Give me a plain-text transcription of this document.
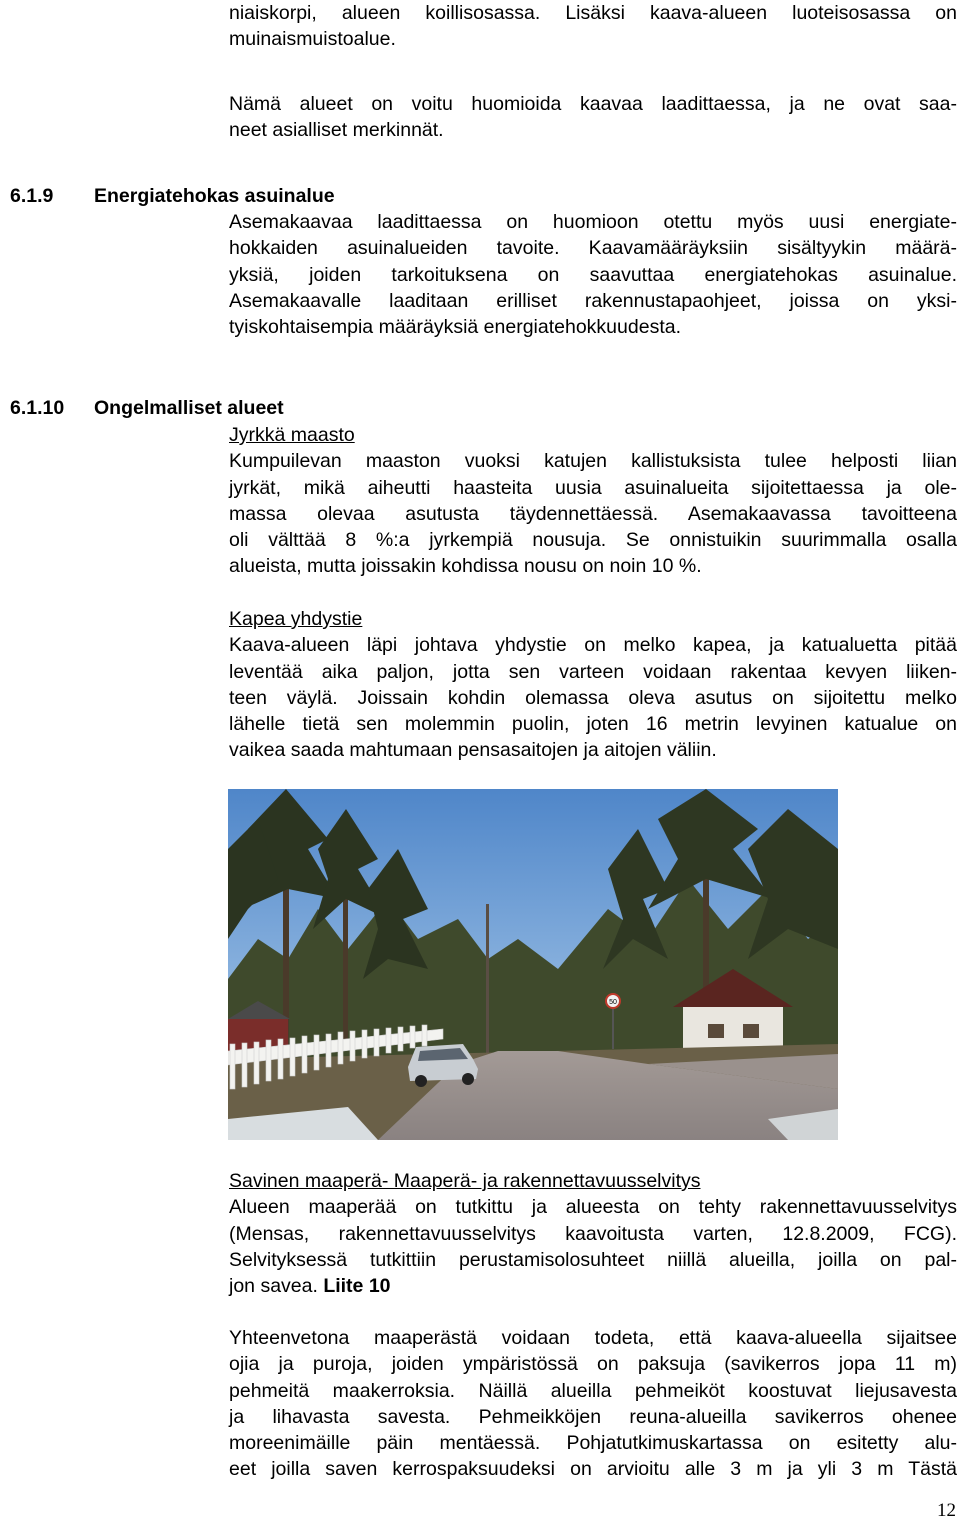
niaiskorpi, alueen koillisosassa. Lisäksi kaava-alueen luoteisosassa on
muinaismuistoalue.
Nämä alueet on voitu huomioida kaavaa laadittaessa, ja ne ovat saa-
neet asialliset merkinnät.
6.1.9 Energiatehokas asuinalue
Asemakaavaa laadittaessa on huomioon otettu myös uusi energiate-
hokkaiden asuinalueiden tavoite. Kaavamääräyksiin sisältyykin määrä-
yksiä, joiden tarkoituksena on saavuttaa energiatehokas asuinalue.
Asemakaavalle laaditaan erilliset rakennustapaohjeet, joissa on yksi-
tyiskohtaisempia määräyksiä energiatehokkuudesta.
6.1.10 Ongelmalliset alueet
Jyrkkä maasto
Kumpuilevan maaston vuoksi katujen kallistuksista tulee helposti liian
jyrkät, mikä aiheutti haasteita uusia asuinalueita sijoitettaessa ja ole-
massa olevaa asutusta täydennettäessä. Asemakaavassa tavoitteena
oli välttää 8 %:a jyrkempiä nousuja. Se onnistuikin suurimmalla osalla
alueista, mutta joissakin kohdissa nousu on noin 10 %.
Kapea yhdystie
Kaava-alueen läpi johtava yhdystie on melko kapea, ja katualuetta pitää
leventää aika paljon, jotta sen varteen voidaan rakentaa kevyen liiken-
teen väylä. Joissain kohdin olemassa oleva asutus on sijoitettu melko
lähelle tietä sen molemmin puolin, joten 16 metrin levyinen katualue on
vaikea saada mahtumaan pensasaitojen ja aitojen väliin.
50
Savinen maaperä- Maaperä- ja rakennettavuusselvitys
Alueen maaperää on tutkittu ja alueesta on tehty rakennettavuusselvitys
(Mensas, rakennettavuusselvitys kaavoitusta varten, 12.8.2009, FCG).
Selvityksessä tutkittiin perustamisolosuhteet niillä alueilla, joilla on pal-
jon savea. Liite 10
Yhteenvetona maaperästä voidaan todeta, että kaava-alueella sijaitsee
ojia ja puroja, joiden ympäristössä on paksuja (savikerros jopa 11 m)
pehmeitä maakerroksia. Näillä alueilla pehmeiköt koostuvat liejusavesta
ja lihavasta savesta. Pehmeikköjen reuna-alueilla savikerros ohenee
moreenimäille päin mentäessä. Pohjatutkimuskartassa on esitetty alu-
eet joilla saven kerrospaksuudeksi on arvioitu alle 3 m ja yli 3 m Tästä
12
